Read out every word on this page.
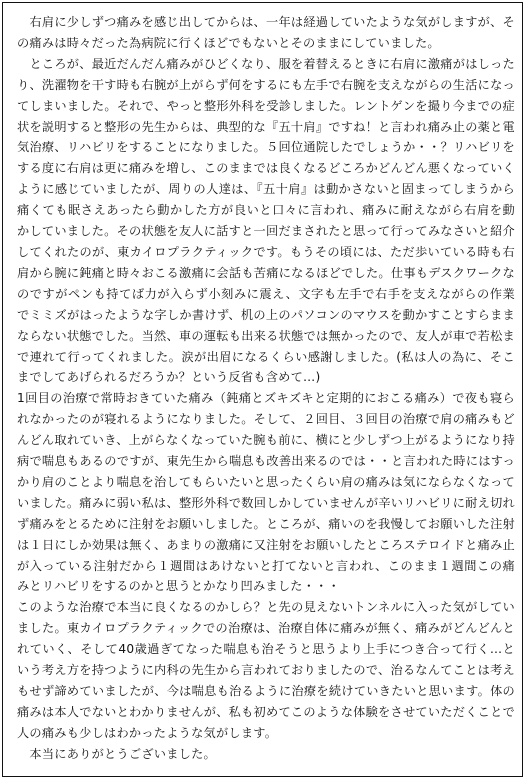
　右肩に少しずつ痛みを感じ出してからは、一年は経過していたような気がしますが、その痛みは時々だった為病院に行くほどでもないとそのままにしていました。

　ところが、最近だんだん痛みがひどくなり、服を着替えるときに右肩に激痛がはしったり、洗濯物を干す時も右腕が上がらず何をするにも左手で右腕を支えながらの生活になってしまいました。それで、やっと整形外科を受診しました。レントゲンを撮り今までの症状を説明すると整形の先生からは、典型的な『五十肩』ですね！と言われ痛み止の薬と電気治療、リハビリをすることになりました。５回位通院したでしょうか・・？リハビリをする度に右肩は更に痛みを増し、このままでは良くなるどころかどんどん悪くなっていくように感じていましたが、周りの人達は、『五十肩』は動かさないと固まってしまうから痛くても眠さえあったら動かした方が良いと口々に言われ、痛みに耐えながら右肩を動かしていました。その状態を友人に話すと一回だまされたと思って行ってみなさいと紹介してくれたのが、東カイロプラクティックです。もうその頃には、ただ歩いている時も右肩から腕に鈍痛と時々おこる激痛に会話も苦痛になるほどでした。仕事もデスクワークなのですがペンも持てば力が入らず小刻みに震え、文字も左手で右手を支えながらの作業でミミズがはったような字しか書けず、机の上のパソコンのマウスを動かすことすらままならない状態でした。当然、車の運転も出来る状態では無かったので、友人が車で若松まで連れて行ってくれました。涙が出眉になるくらい感謝しました。(私は人の為に、そこまでしてあげられるだろうか？という反省も含めて…)

1回目の治療で常時おきていた痛み（鈍痛とズキズキと定期的におこる痛み）で夜も寝られなかったのが寝れるようになりました。そして、２回目、３回目の治療で肩の痛みもどんどん取れていき、上がらなくなっていた腕も前に、横にと少しずつ上がるようになり持病で喘息もあるのですが、東先生から喘息も改善出来るのでは・・と言われた時にはすっかり肩のことより喘息を治してもらいたいと思ったくらい肩の痛みは気にならなくなっていました。痛みに弱い私は、整形外科で数回しかしていませんが辛いリハビリに耐え切れず痛みをとるために注射をお願いしました。ところが、痛いのを我慢してお願いした注射は１日にしか効果は無く、あまりの激痛に又注射をお願いしたところステロイドと痛み止が入っている注射だから１週間はあけないと打てないと言われ、このまま１週間この痛みとリハビリをするのかと思うとかなり凹みました・・・

このような治療で本当に良くなるのかしら？と先の見えないトンネルに入った気がしていました。東カイロプラクティックでの治療は、治療自体に痛みが無く、痛みがどんどんとれていく、そして40歳過ぎてなった喘息も治そうと思うより上手につき合って行く…という考え方を持つように内科の先生から言われておりましたので、治るなんてことは考えもせず諦めていましたが、今は喘息も治るように治療を続けていきたいと思います。体の痛みは本人でないとわかりませんが、私も初めてこのような体験をさせていただくことで人の痛みも少しはわかったような気がします。

　本当にありがとうございました。
